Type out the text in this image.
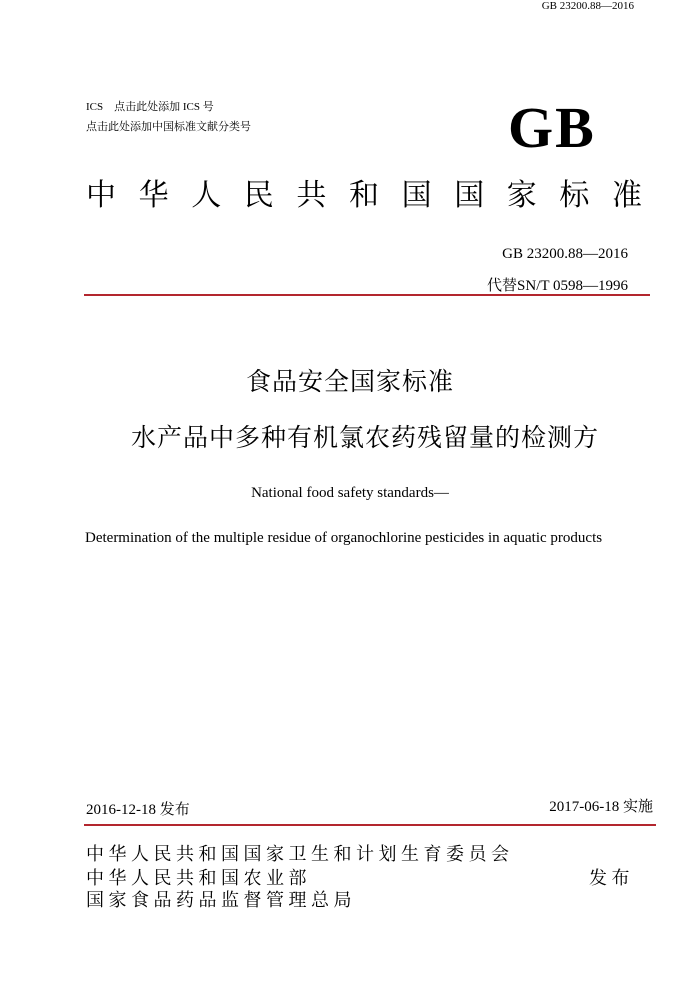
GB 23200.88—2016
ICS　点击此处添加 ICS 号
点击此处添加中国标准文献分类号	GB
中华人民共和国国家标准
GB 23200.88—2016
代替SN/T 0598—1996
食品安全国家标准
水产品中多种有机氯农药残留量的检测方
National food safety standards—
Determination of the multiple residue of organochlorine pesticides in aquatic products
2016-12-18 发布	2017-06-18 实施
中华人民共和国国家卫生和计划生育委员会
中华人民共和国农业部
国家食品药品监督管理总局
发布
